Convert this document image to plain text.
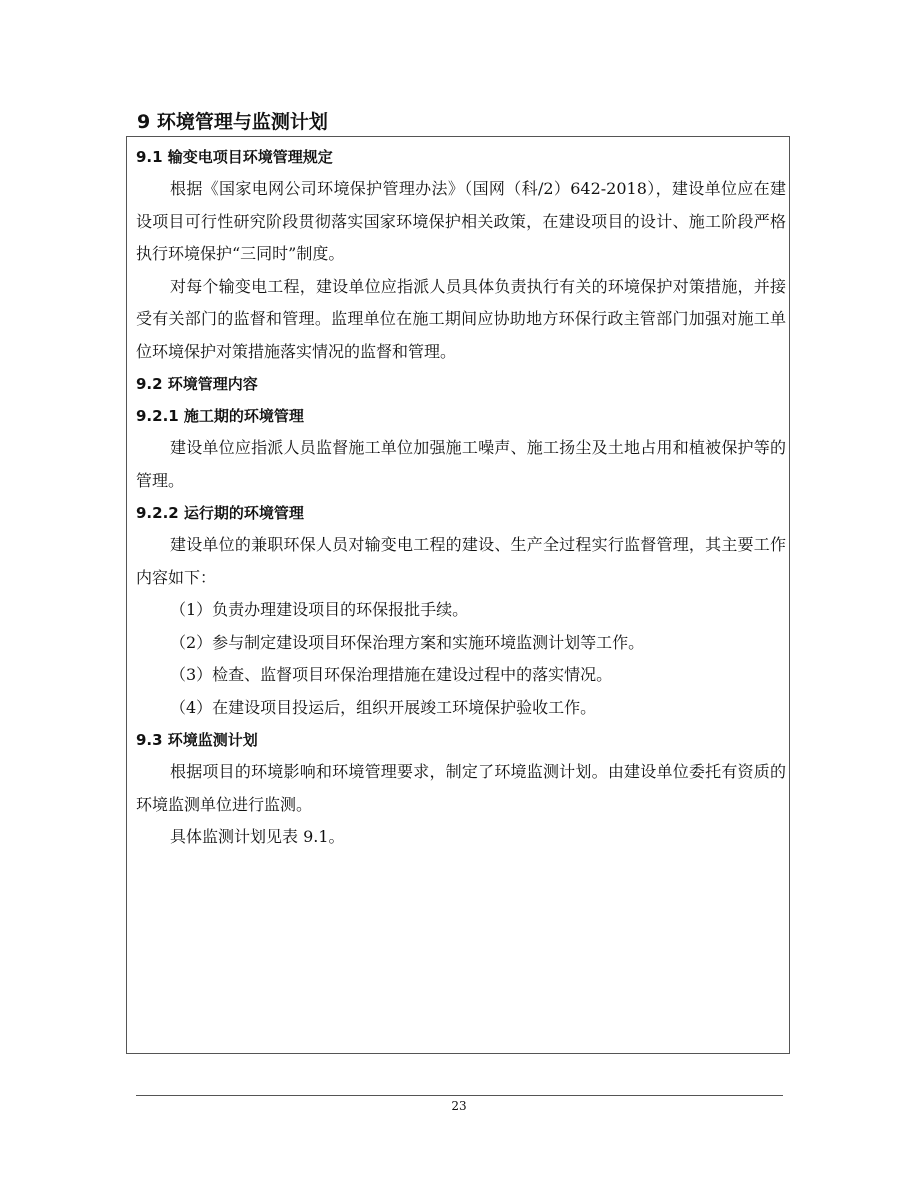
9 环境管理与监测计划
9.1 输变电项目环境管理规定

根据《国家电网公司环境保护管理办法》（国网（科/2）642-2018），建设单位应在建设项目可行性研究阶段贯彻落实国家环境保护相关政策，在建设项目的设计、施工阶段严格执行环境保护“三同时”制度。

对每个输变电工程，建设单位应指派人员具体负责执行有关的环境保护对策措施，并接受有关部门的监督和管理。监理单位在施工期间应协助地方环保行政主管部门加强对施工单位环境保护对策措施落实情况的监督和管理。

9.2 环境管理内容
9.2.1 施工期的环境管理

建设单位应指派人员监督施工单位加强施工噪声、施工扬尘及土地占用和植被保护等的管理。

9.2.2 运行期的环境管理

建设单位的兼职环保人员对输变电工程的建设、生产全过程实行监督管理，其主要工作内容如下：

（1）负责办理建设项目的环保报批手续。

（2）参与制定建设项目环保治理方案和实施环境监测计划等工作。

（3）检查、监督项目环保治理措施在建设过程中的落实情况。

（4）在建设项目投运后，组织开展竣工环境保护验收工作。

9.3 环境监测计划

根据项目的环境影响和环境管理要求，制定了环境监测计划。由建设单位委托有资质的环境监测单位进行监测。

具体监测计划见表 9.1。

23
